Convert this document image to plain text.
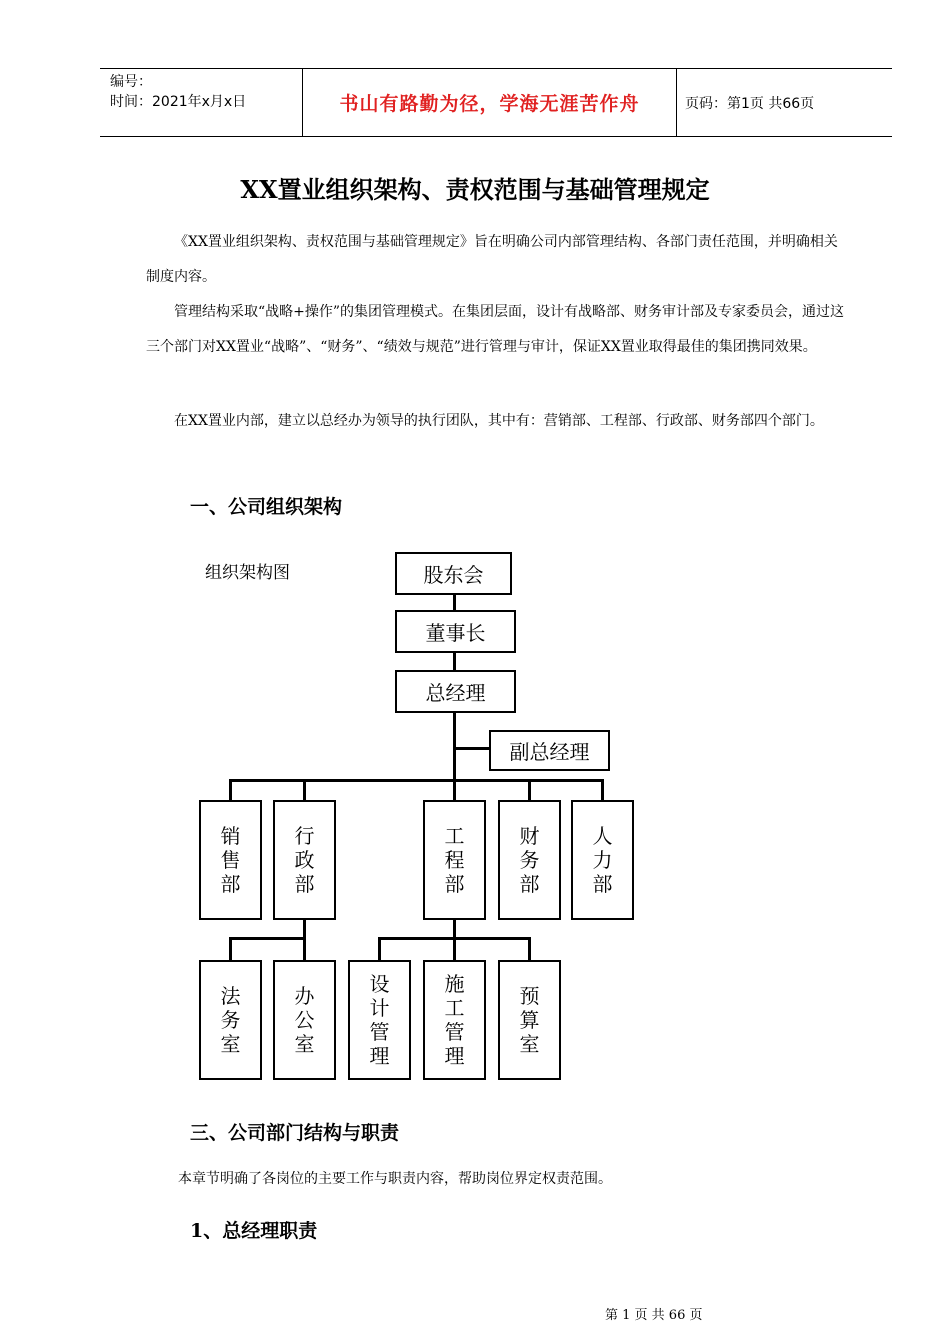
编号：
时间：2021年x月x日	书山有路勤为径，学海无涯苦作舟	页码：第1页 共66页
XX置业组织架构、责权范围与基础管理规定
《XX置业组织架构、责权范围与基础管理规定》旨在明确公司内部管理结构、各部门责任范围，并明确相关制度内容。
管理结构采取“战略+操作”的集团管理模式。在集团层面，设计有战略部、财务审计部及专家委员会，通过这三个部门对XX置业“战略”、“财务”、“绩效与规范”进行管理与审计，保证XX置业取得最佳的集团携同效果。
在XX置业内部，建立以总经办为领导的执行团队，其中有：营销部、工程部、行政部、财务部四个部门。
一、公司组织架构
组织架构图	股东会
董事长
总经理
副总经理
销售部
行政部
工程部
财务部
人力部
法务室
办公室
设计管理
施工管理
预算室
三、公司部门结构与职责
本章节明确了各岗位的主要工作与职责内容，帮助岗位界定权责范围。
1、总经理职责
第 1 页 共 66 页
